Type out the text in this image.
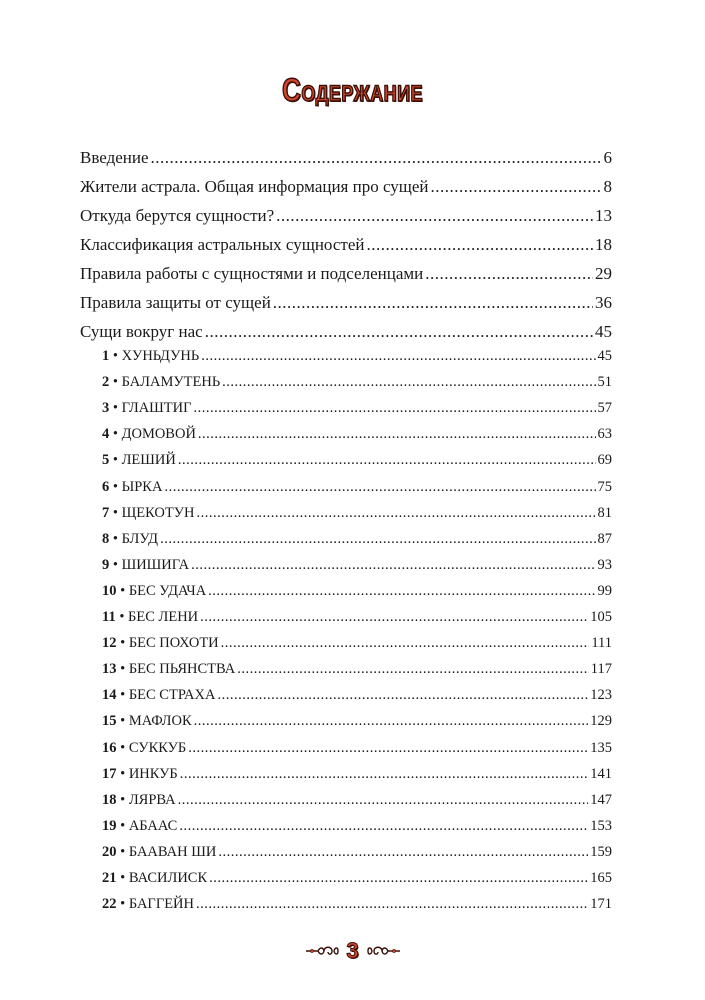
Содержание
Введение .....	6
Жители астрала. Общая информация про сущей .....	8
Откуда берутся сущности? .....	13
Классификация астральных сущностей .....	18
Правила работы с сущностями и подселенцами .....	29
Правила защиты от сущей .....	36
Сущи вокруг нас .....	45
1 • ХУНЬДУНЬ .....	45
2 • БАЛАМУТЕНЬ .....	51
3 • ГЛАШТИГ .....	57
4 • ДОМОВОЙ .....	63
5 • ЛЕШИЙ .....	69
6 • ЫРКА .....	75
7 • ЩЕКОТУН .....	81
8 • БЛУД .....	87
9 • ШИШИГА .....	93
10 • БЕС УДАЧА .....	99
11 • БЕС ЛЕНИ .....	105
12 • БЕС ПОХОТИ .....	111
13 • БЕС ПЬЯНСТВА .....	117
14 • БЕС СТРАХА .....	123
15 • МАФЛОК .....	129
16 • СУККУБ .....	135
17 • ИНКУБ .....	141
18 • ЛЯРВА .....	147
19 • АБААС .....	153
20 • БААВАН ШИ .....	159
21 • ВАСИЛИСК .....	165
22 • БАГГЕЙН .....	171
3
